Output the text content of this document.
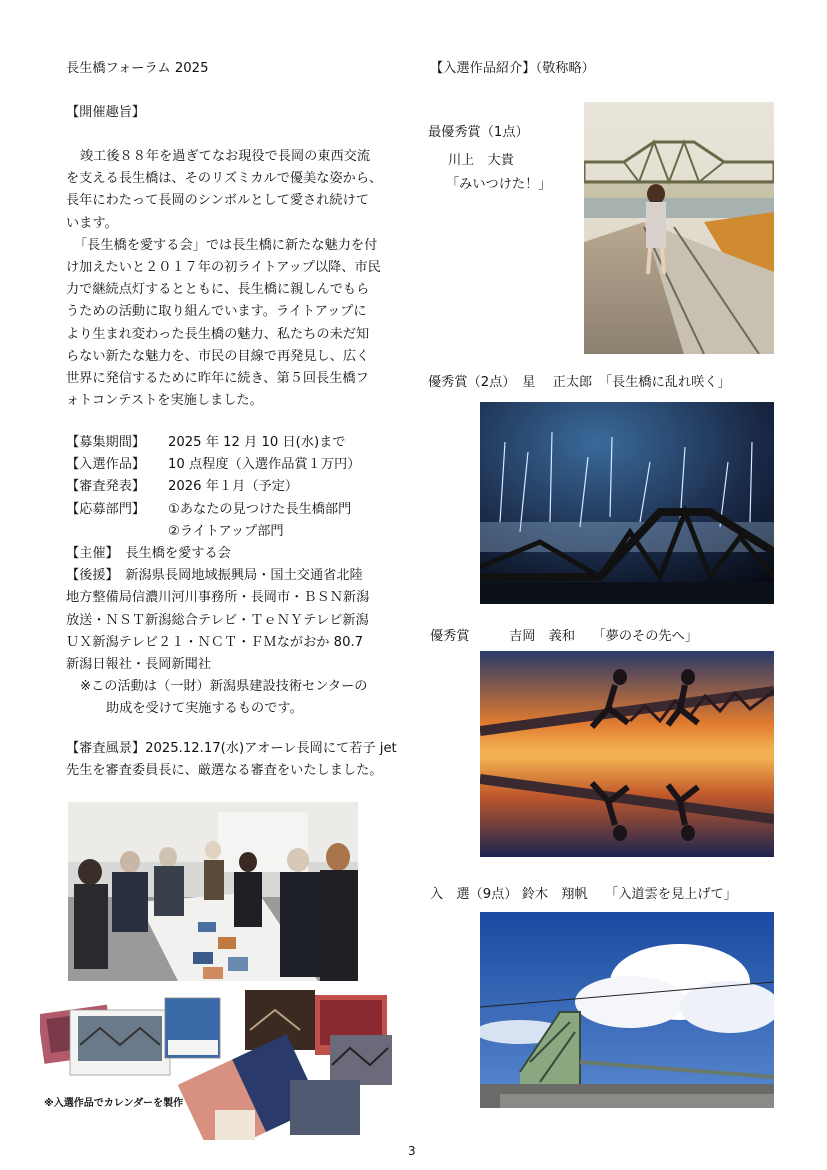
長生橋フォーラム 2025
【開催趣旨】
竣工後８８年を過ぎてなお現役で長岡の東西交流
を支える長生橋は、そのリズミカルで優美な姿から、
長年にわたって長岡のシンボルとして愛され続けて
います。
「長生橋を愛する会」では長生橋に新たな魅力を付
け加えたいと２０１７年の初ライトアップ以降、市民
力で継続点灯するとともに、長生橋に親しんでもら
うための活動に取り組んでいます。ライトアップに
より生まれ変わった長生橋の魅力、私たちの未だ知
らない新たな魅力を、市民の目線で再発見し、広く
世界に発信するために昨年に続き、第５回長生橋フ
ォトコンテストを実施しました。
【募集期間】 2025 年 12 月 10 日(水)まで
【入選作品】 10 点程度（入選作品賞１万円）
【審査発表】 2026 年１月（予定）
【応募部門】 ①あなたの見つけた長生橋部門
②ライトアップ部門
【主催】　長生橋を愛する会
【後援】　新潟県長岡地域振興局・国土交通省北陸
地方整備局信濃川河川事務所・長岡市・ＢＳＮ新潟
放送・ＮＳＴ新潟総合テレビ・ＴｅＮＹテレビ新潟
ＵＸ新潟テレビ２１・ＮＣＴ・ＦＭながおか 80.7
新潟日報社・長岡新聞社
※この活動は（一財）新潟県建設技術センターの
助成を受けて実施するものです。
【審査風景】2025.12.17(水)アオーレ長岡にて若子 jet
先生を審査委員長に、厳選なる審査をいたしました。
※入選作品でカレンダーを製作
【入選作品紹介】（敬称略）
最優秀賞（1点）
川上　大貴
「みいつけた！」
優秀賞（2点）　星　 正太郎　「長生橋に乱れ咲く」
優秀賞　　　吉岡　義和　 「夢のその先へ」
入　選（9点） 鈴木　翔帆　 「入道雲を見上げて」
3
